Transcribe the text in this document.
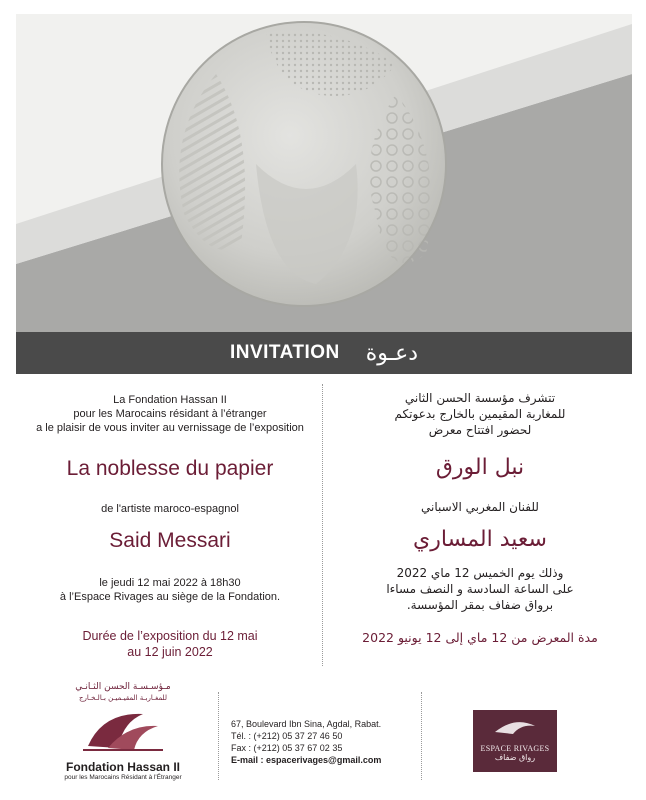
INVITATION دعـوة
La Fondation Hassan II
pour les Marocains résidant à l’étranger
a le plaisir de vous inviter au vernissage de l’exposition
La noblesse du papier
de l'artiste maroco-espagnol
Said Messari
le jeudi 12 mai 2022 à 18h30
à l’Espace Rivages au siège de la Fondation.
Durée de l’exposition du 12 mai
au 12 juin 2022
تتشرف مؤسسة الحسن الثاني
للمغاربة المقيمين بالخارج بدعوتكم
لحضور افتتاح معرض
نبل الورق
للفنان المغربي الاسباني
سعيد المساري
وذلك يوم الخميس 12 ماي 2022
على الساعة السادسة و النصف مساءا
برواق ضفاف بمقر المؤسسة.
مدة المعرض من 12 ماي إلى 12 يونيو 2022
مـؤسـسـة الحسن الثـانـي
للمغـاربـة المقيـميـن بـالـخـارج
Fondation Hassan II
pour les Marocains Résidant à l'Étranger
67, Boulevard Ibn Sina, Agdal, Rabat.
Tél. : (+212) 05 37 27 46 50
Fax : (+212) 05 37 67 02 35
E-mail : espacerivages@gmail.com
ESPACE RIVAGES
رواق ضفاف
